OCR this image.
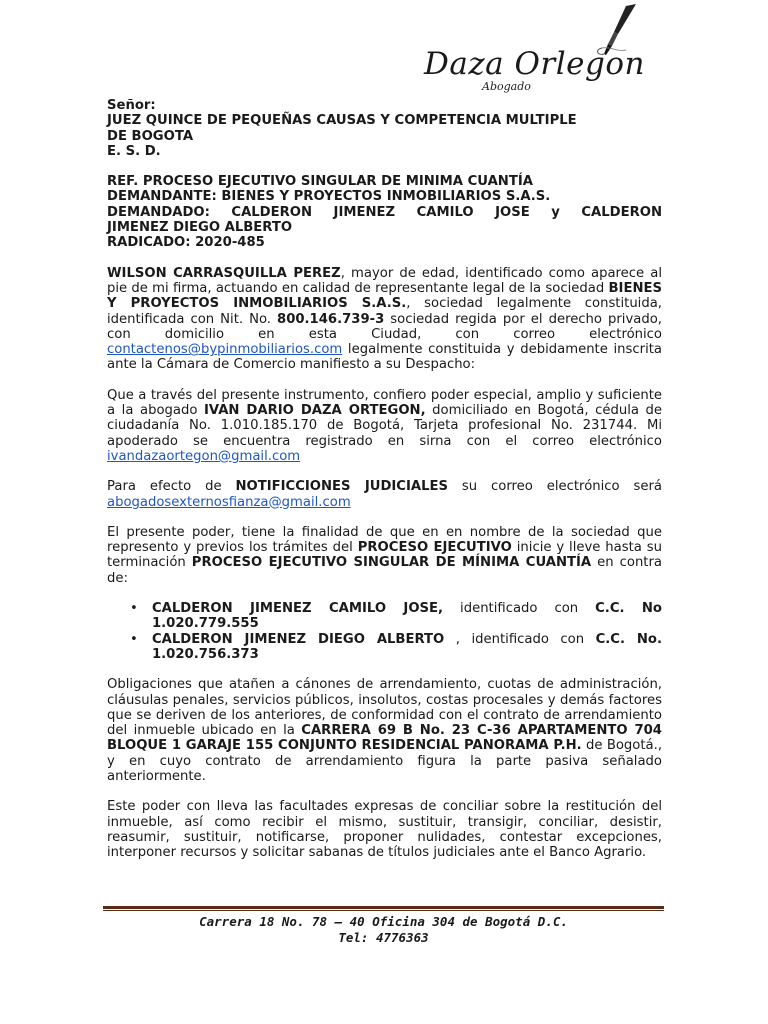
Daza Orlegon
Abogado

Señor:

JUEZ QUINCE DE PEQUEÑAS CAUSAS Y COMPETENCIA MULTIPLE

DE BOGOTA

E. S. D.

REF. PROCESO EJECUTIVO SINGULAR DE MINIMA CUANTÍA

DEMANDANTE: BIENES Y PROYECTOS INMOBILIARIOS S.A.S.

DEMANDADO: CALDERON JIMENEZ CAMILO JOSE y CALDERON

JIMENEZ DIEGO ALBERTO

RADICADO: 2020-485

WILSON CARRASQUILLA PEREZ, mayor de edad, identificado como aparece al pie de mi firma, actuando en calidad de representante legal de la sociedad BIENES Y PROYECTOS INMOBILIARIOS S.A.S., sociedad legalmente constituida, identificada con Nit. No. 800.146.739-3 sociedad regida por el derecho privado, con domicilio en esta Ciudad, con correo electrónico contactenos@bypinmobiliarios.com legalmente constituida y debidamente inscrita ante la Cámara de Comercio manifiesto a su Despacho:

Que a través del presente instrumento, confiero poder especial, amplio y suficiente a la abogado IVAN DARIO DAZA ORTEGON, domiciliado en Bogotá, cédula de ciudadanía No. 1.010.185.170 de Bogotá, Tarjeta profesional No. 231744. Mi apoderado se encuentra registrado en sirna con el correo electrónico ivandazaortegon@gmail.com

Para efecto de NOTIFICCIONES JUDICIALES su correo electrónico será abogadosexternosfianza@gmail.com

El presente poder, tiene la finalidad de que en en nombre de la sociedad que represento y previos los trámites del PROCESO EJECUTIVO inicie y lleve hasta su terminación PROCESO EJECUTIVO SINGULAR DE MÍNIMA CUANTÍA en contra de:

• CALDERON JIMENEZ CAMILO JOSE, identificado con C.C. No 1.020.779.555
• CALDERON JIMENEZ DIEGO ALBERTO , identificado con C.C. No. 1.020.756.373

Obligaciones que atañen a cánones de arrendamiento, cuotas de administración, cláusulas penales, servicios públicos, insolutos, costas procesales y demás factores que se deriven de los anteriores, de conformidad con el contrato de arrendamiento del inmueble ubicado en la CARRERA 69 B No. 23 C-36 APARTAMENTO 704 BLOQUE 1 GARAJE 155 CONJUNTO RESIDENCIAL PANORAMA P.H. de Bogotá., y en cuyo contrato de arrendamiento figura la parte pasiva señalado anteriormente.

Este poder con lleva las facultades expresas de conciliar sobre la restitución del inmueble, así como recibir el mismo, sustituir, transigir, conciliar, desistir, reasumir, sustituir, notificarse, proponer nulidades, contestar excepciones, interponer recursos y solicitar sabanas de títulos judiciales ante el Banco Agrario.

Carrera 18 No. 78 – 40 Oficina 304 de Bogotá D.C.
Tel: 4776363
